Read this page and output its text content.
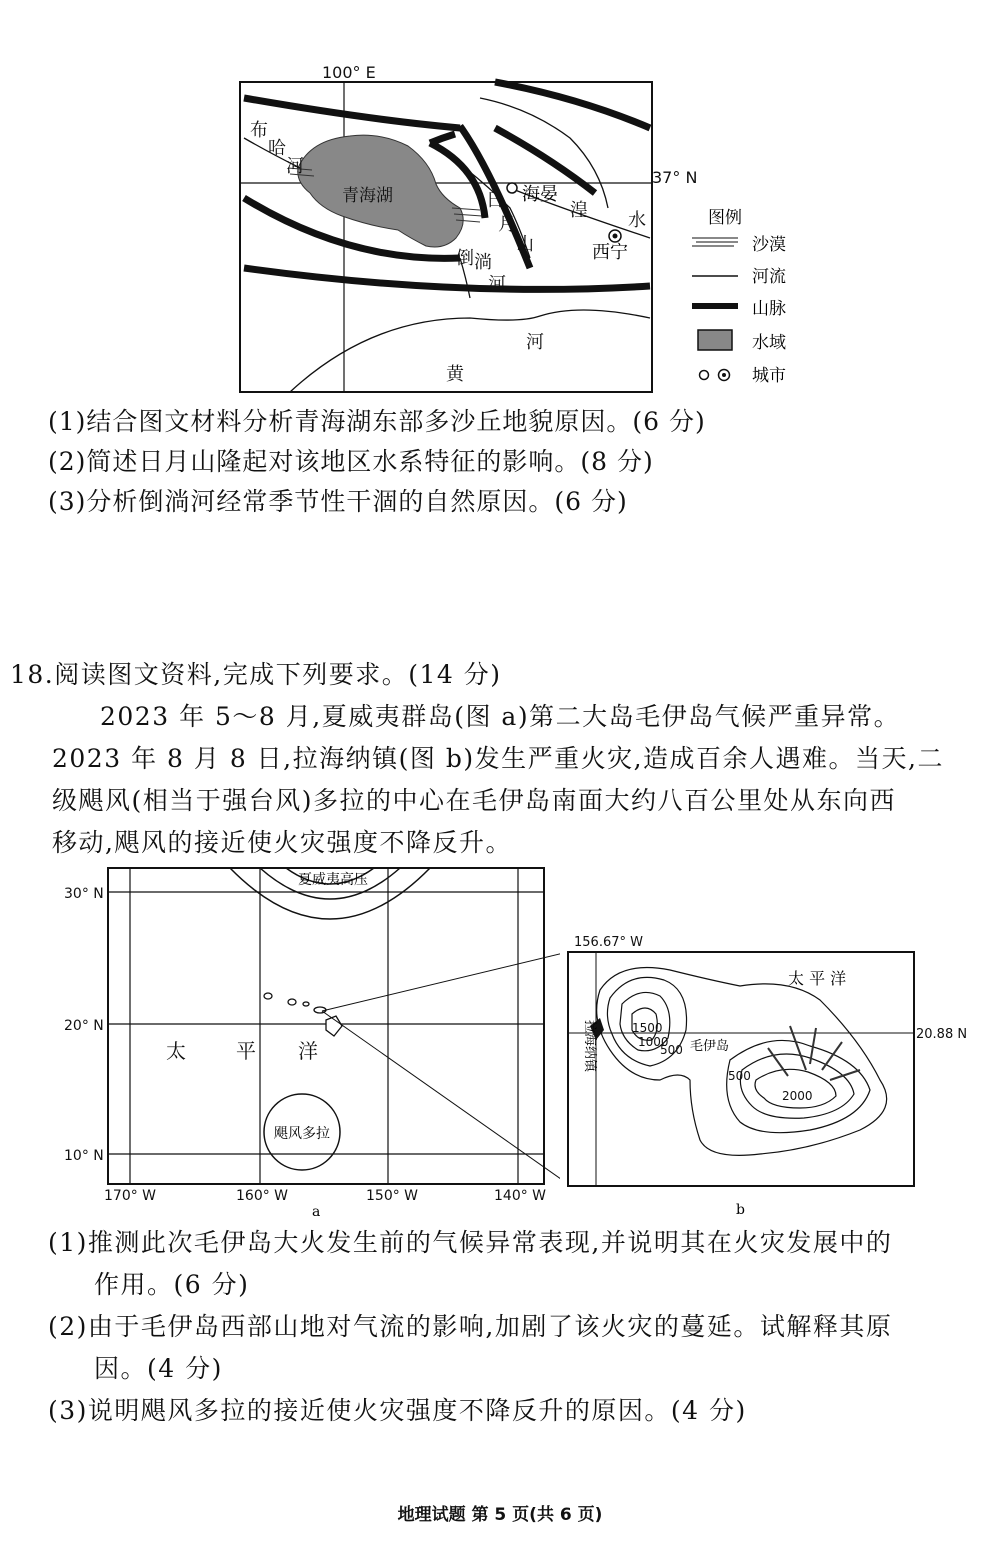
100° E
37° N
青海湖
布
哈
河
海晏
日
月
山
湟 水
西宁
倒 淌
河
河
黄
图例
沙漠
河流
山脉
水域
城市
(1)结合图文材料分析青海湖东部多沙丘地貌原因。(6 分)
(2)简述日月山隆起对该地区水系特征的影响。(8 分)
(3)分析倒淌河经常季节性干涸的自然原因。(6 分)
18.阅读图文资料,完成下列要求。(14 分)
2023 年 5～8 月,夏威夷群岛(图 a)第二大岛毛伊岛气候严重异常。
2023 年 8 月 8 日,拉海纳镇(图 b)发生严重火灾,造成百余人遇难。当天,二
级飓风(相当于强台风)多拉的中心在毛伊岛南面大约八百公里处从东向西
移动,飓风的接近使火灾强度不降反升。
30° N
20° N
10° N
170° W	160° W	150° W	140° W
夏威夷高压
太	平 洋
飓风多拉
a
156.67° W
20.88 N
太 平 洋
1500
1000
500
500
2000
毛伊岛
拉海纳镇
b
(1)推测此次毛伊岛大火发生前的气候异常表现,并说明其在火灾发展中的
作用。(6 分)
(2)由于毛伊岛西部山地对气流的影响,加剧了该火灾的蔓延。试解释其原
因。(4 分)
(3)说明飓风多拉的接近使火灾强度不降反升的原因。(4 分)
地理试题 第 5 页(共 6 页)
